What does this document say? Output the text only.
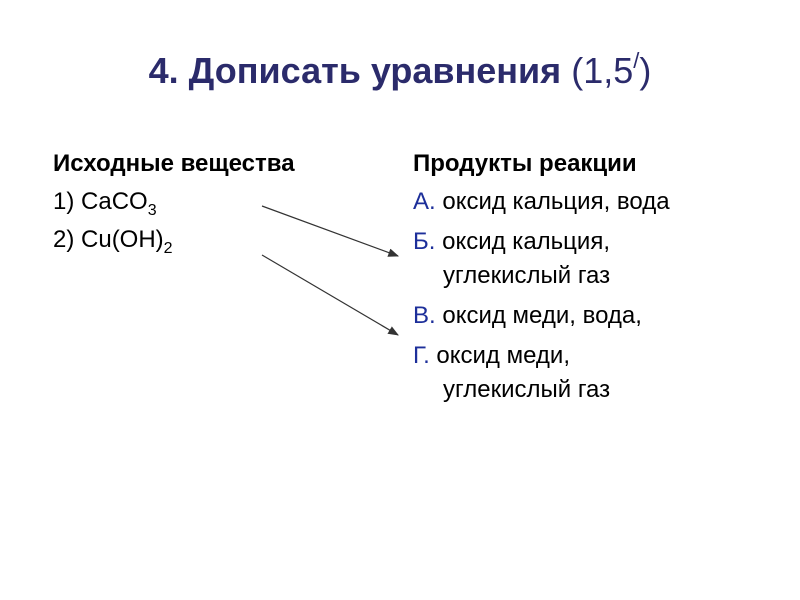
4. Дописать уравнения (1,5/)
Исходные вещества
1) CaCO$_3$
2) $Cu(OH)_2$
Продукты реакции
А. оксид кальция, вода
Б. оксид кальция,
углекислый газ
В. оксид меди, вода,
Г. оксид меди,
углекислый газ
